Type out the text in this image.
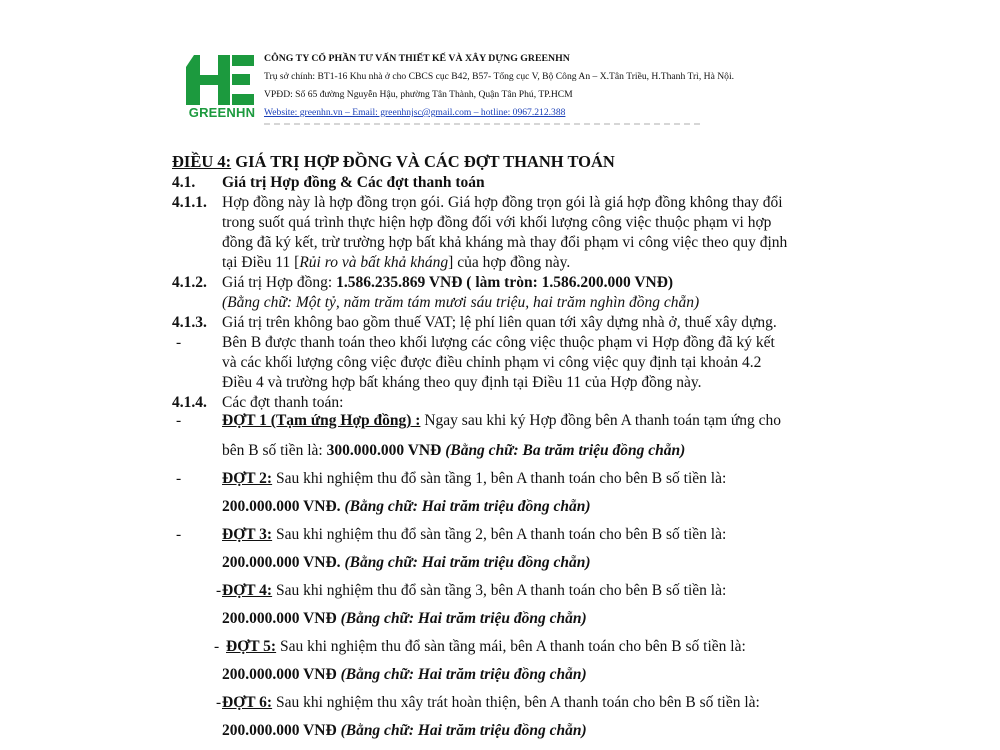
GREENHN
CÔNG TY CỔ PHẦN TƯ VẤN THIẾT KẾ VÀ XÂY DỰNG GREENHN
Trụ sở chính: BT1-16 Khu nhà ở cho CBCS cục B42, B57- Tổng cục V, Bộ Công An – X.Tân Triều, H.Thanh Trì, Hà Nội.
VPĐD: Số 65 đường Nguyễn Hậu, phường Tân Thành, Quận Tân Phú, TP.HCM
Website: greenhn.vn – Email: greenhnjsc@gmail.com – hotline: 0967.212.388
ĐIỀU 4: GIÁ TRỊ HỢP ĐỒNG VÀ CÁC ĐỢT THANH TOÁN
4.1. Giá trị Hợp đồng & Các đợt thanh toán
4.1.1. Hợp đồng này là hợp đồng trọn gói. Giá hợp đồng trọn gói là giá hợp đồng không thay đổi
trong suốt quá trình thực hiện hợp đồng đối với khối lượng công việc thuộc phạm vi hợp
đồng đã ký kết, trừ trường hợp bất khả kháng mà thay đổi phạm vi công việc theo quy định
tại Điều 11 [Rủi ro và bất khả kháng] của hợp đồng này.
4.1.2. Giá trị Hợp đồng: 1.586.235.869 VNĐ ( làm tròn: 1.586.200.000 VNĐ)
(Bằng chữ: Một tỷ, năm trăm tám mươi sáu triệu, hai trăm nghìn đồng chẵn)
4.1.3. Giá trị trên không bao gồm thuế VAT; lệ phí liên quan tới xây dựng nhà ở, thuế xây dựng.
-	Bên B được thanh toán theo khối lượng các công việc thuộc phạm vi Hợp đồng đã ký kết
và các khối lượng công việc được điều chỉnh phạm vi công việc quy định tại khoản 4.2
Điều 4 và trường hợp bất kháng theo quy định tại Điều 11 của Hợp đồng này.
4.1.4. Các đợt thanh toán:
-	ĐỢT 1 (Tạm ứng Hợp đồng) : Ngay sau khi ký Hợp đồng bên A thanh toán tạm ứng cho
bên B số tiền là: 300.000.000 VNĐ (Bằng chữ: Ba trăm triệu đồng chẵn)
-	ĐỢT 2: Sau khi nghiệm thu đổ sàn tầng 1, bên A thanh toán cho bên B số tiền là:
200.000.000 VNĐ. (Bằng chữ: Hai trăm triệu đồng chẵn)
-	ĐỢT 3: Sau khi nghiệm thu đổ sàn tầng 2, bên A thanh toán cho bên B số tiền là:
200.000.000 VNĐ. (Bằng chữ: Hai trăm triệu đồng chẵn)
- ĐỢT 4: Sau khi nghiệm thu đổ sàn tầng 3, bên A thanh toán cho bên B số tiền là:
200.000.000 VNĐ (Bằng chữ: Hai trăm triệu đồng chẵn)
- ĐỢT 5: Sau khi nghiệm thu đổ sàn tầng mái, bên A thanh toán cho bên B số tiền là:
200.000.000 VNĐ (Bằng chữ: Hai trăm triệu đồng chẵn)
- ĐỢT 6: Sau khi nghiệm thu xây trát hoàn thiện, bên A thanh toán cho bên B số tiền là:
200.000.000 VNĐ (Bằng chữ: Hai trăm triệu đồng chẵn)
